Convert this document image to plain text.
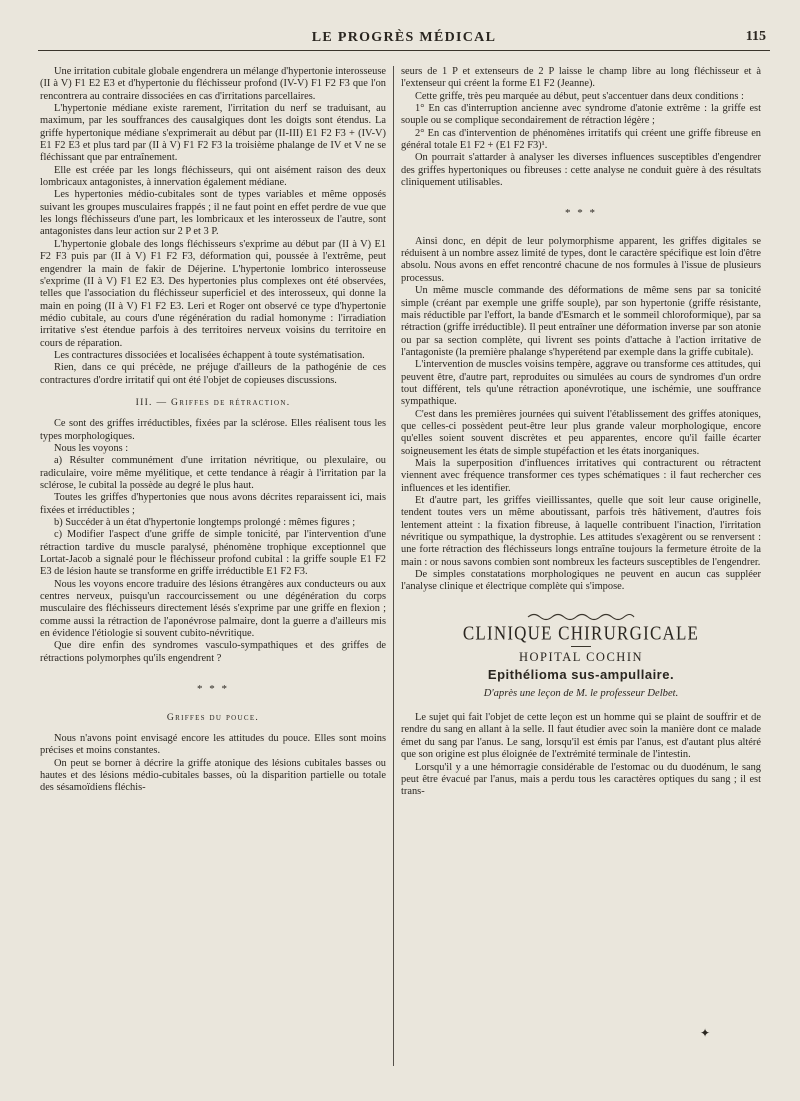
LE PROGRÈS MÉDICAL	115

Une irritation cubitale globale engendrera un mélange d'hypertonie interosseuse (II à V) F1 E2 E3 et d'hypertonie du fléchisseur profond (IV-V) F1 F2 F3 que l'on rencontrera au contraire dissociées en cas d'irritations parcellaires.

L'hypertonie médiane existe rarement, l'irritation du nerf se traduisant, au maximum, par les souffrances des causalgiques dont les doigts sont étendus. La griffe hypertonique médiane s'exprimerait au début par (II-III) E1 F2 F3 + (IV-V) E1 F2 E3 et plus tard par (II à V) F1 F2 F3 la troisième phalange de IV et V ne se fléchissant que par entraînement.

Elle est créée par les longs fléchisseurs, qui ont aisément raison des deux lombricaux antagonistes, à innervation également médiane.

Les hypertonies médio-cubitales sont de types variables et même opposés suivant les groupes musculaires frappés ; il ne faut point en effet perdre de vue que les longs fléchisseurs d'une part, les lombricaux et les interosseux de l'autre, sont antagonistes dans leur action sur 2 P et 3 P.

L'hypertonie globale des longs fléchisseurs s'exprime au début par (II à V) E1 F2 F3 puis par (II à V) F1 F2 F3, déformation qui, poussée à l'extrême, peut engendrer la main de fakir de Déjerine. L'hypertonie lombrico interosseuse s'exprime (II à V) F1 E2 E3. Des hypertonies plus complexes ont été observées, telles que l'association du fléchisseur superficiel et des interosseux, qui donne la main en poing (II à V) F1 F2 E3. Leri et Roger ont observé ce type d'hypertonie médio cubitale, au cours d'une régénération du radial homonyme : l'irradiation irritative s'est étendue parfois à des territoires nerveux voisins du territoire en cours de réparation.

Les contractures dissociées et localisées échappent à toute systématisation.

Rien, dans ce qui précède, ne préjuge d'ailleurs de la pathogénie de ces contractures d'ordre irritatif qui ont été l'objet de copieuses discussions.

III. — Griffes de rétraction.

Ce sont des griffes irréductibles, fixées par la sclérose. Elles réalisent tous les types morphologiques.

Nous les voyons :

a) Résulter communément d'une irritation névritique, ou plexulaire, ou radiculaire, voire même myélitique, et cette tendance à réagir à l'irritation par la sclérose, le cubital la possède au degré le plus haut.

Toutes les griffes d'hypertonies que nous avons décrites reparaissent ici, mais fixées et irréductibles ;

b) Succéder à un état d'hypertonie longtemps prolongé : mêmes figures ;

c) Modifier l'aspect d'une griffe de simple tonicité, par l'intervention d'une rétraction tardive du muscle paralysé, phénomène trophique exceptionnel que Lortat-Jacob a signalé pour le fléchisseur profond cubital : la griffe souple E1 F2 E3 de lésion haute se transforme en griffe irréductible E1 F2 F3.

Nous les voyons encore traduire des lésions étrangères aux conducteurs ou aux centres nerveux, puisqu'un raccourcissement ou une dégénération du corps musculaire des fléchisseurs directement lésés s'exprime par une griffe en flexion ; comme aussi la rétraction de l'aponévrose palmaire, dont la guerre a d'ailleurs mis en évidence l'étiologie si souvent cubito-névritique.

Que dire enfin des syndromes vasculo-sympathiques et des griffes de rétractions polymorphes qu'ils engendrent ?

* * *
Griffes du pouce.

Nous n'avons point envisagé encore les attitudes du pouce. Elles sont moins précises et moins constantes.

On peut se borner à décrire la griffe atonique des lésions cubitales basses ou hautes et des lésions médio-cubitales basses, où la disparition partielle ou totale des sésamoïdiens fléchis-

seurs de 1 P et extenseurs de 2 P laisse le champ libre au long fléchisseur et à l'extenseur qui créent la forme E1 F2 (Jeanne).

Cette griffe, très peu marquée au début, peut s'accentuer dans deux conditions :

1° En cas d'interruption ancienne avec syndrome d'atonie extrême : la griffe est souple ou se complique secondairement de rétraction légère ;

2° En cas d'intervention de phénomènes irritatifs qui créent une griffe fibreuse en général totale E1 F2 + (E1 F2 F3)¹.

On pourrait s'attarder à analyser les diverses influences susceptibles d'engendrer des griffes hypertoniques ou fibreuses : cette analyse ne conduit guère à des résultats cliniquement utilisables.

* * *

Ainsi donc, en dépit de leur polymorphisme apparent, les griffes digitales se réduisent à un nombre assez limité de types, dont le caractère spécifique est loin d'être absolu. Nous avons en effet rencontré chacune de nos formules à l'issue de plusieurs processus.

Un même muscle commande des déformations de même sens par sa tonicité simple (créant par exemple une griffe souple), par son hypertonie (griffe résistante, mais réductible par l'effort, la bande d'Esmarch et le sommeil chloroformique), par sa rétraction (griffe irréductible). Il peut entraîner une déformation inverse par son atonie ou par sa section complète, qui livrent ses points d'attache à l'action irritative de l'antagoniste (la première phalange s'hyperétend par exemple dans la griffe cubitale).

L'intervention de muscles voisins tempère, aggrave ou transforme ces attitudes, qui peuvent être, d'autre part, reproduites ou simulées au cours de syndromes d'un ordre tout différent, tels qu'une rétraction aponévrotique, une ischémie, une souffrance sympathique.

C'est dans les premières journées qui suivent l'établissement des griffes atoniques, que celles-ci possèdent peut-être leur plus grande valeur morphologique, encore qu'elles soient souvent discrètes et peu apparentes, encore qu'il faille écarter soigneusement les états de simple stupéfaction et les états inorganiques.

Mais la superposition d'influences irritatives qui contracturent ou rétractent viennent avec fréquence transformer ces types schématiques : il faut rechercher ces influences et les identifier.

Et d'autre part, les griffes vieillissantes, quelle que soit leur cause originelle, tendent toutes vers un même aboutissant, parfois très hâtivement, d'autres fois lentement atteint : la fixation fibreuse, à laquelle contribuent l'inaction, l'irritation névritique ou sympathique, la dystrophie. Les attitudes s'exagèrent ou se renversent : une forte rétraction des fléchisseurs longs entraîne toujours la fermeture étroite de la main : or nous savons combien sont nombreux les facteurs susceptibles de l'engendrer.

De simples constatations morphologiques ne peuvent en aucun cas suppléer l'analyse clinique et électrique complète qui s'impose.

CLINIQUE CHIRURGICALE
HOPITAL COCHIN
Epithélioma sus-ampullaire.
D'après une leçon de M. le professeur Delbet.

Le sujet qui fait l'objet de cette leçon est un homme qui se plaint de souffrir et de rendre du sang en allant à la selle. Il faut étudier avec soin la manière dont ce malade émet du sang par l'anus. Le sang, lorsqu'il est émis par l'anus, est d'autant plus altéré que son origine est plus éloignée de l'extrémité terminale de l'intestin.

Lorsqu'il y a une hémorragie considérable de l'estomac ou du duodénum, le sang peut être évacué par l'anus, mais a perdu tous les caractères optiques du sang ; il est trans-

✦
